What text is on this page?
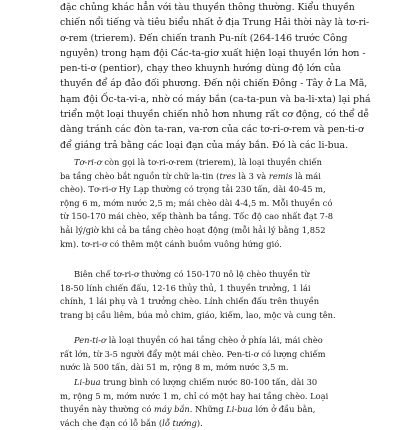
đặc chủng khác hẳn với tàu thuyền thông thường. Kiểu thuyền
chiến nổi tiếng và tiêu biểu nhất ở địa Trung Hải thời này là tơ-ri-
ơ-rem (trierem). Đến chiến tranh Pu-nít (264-146 trước Công
nguyên) trong hạm đội Các-ta-giơ xuất hiện loại thuyền lớn hơn -
pen-ti-ơ (pentior), chạy theo khuynh hướng dùng độ lớn của
thuyền để áp đảo đối phương. Đến nội chiến Đông - Tây ở La Mã,
hạm đội Ốc-ta-vi-a, nhờ có máy bắn (ca-ta-pun và ba-li-xta) lại phá
triển một loại thuyền chiến nhỏ hơn nhưng rất cơ động, có thể dễ
dàng tránh các đòn ta-ran, va-rơn của các tơ-ri-ơ-rem và pen-ti-ơ
để giáng trả bằng các loại đạn của máy bắn. Đó là các li-bua.

Tơ-ri-ơ còn gọi là tơ-ri-ơ-rem (trierem), là loại thuyền chiến
ba tầng chèo bắt nguồn từ chữ la-tin (tres là 3 và remis là mái
chèo). Tơ-ri-ơ Hy Lạp thường có trọng tải 230 tấn, dài 40-45 m,
rộng 6 m, mớm nước 2,5 m; mái chèo dài 4-4,5 m. Mỗi thuyền có
từ 150-170 mái chèo, xếp thành ba tầng. Tốc độ cao nhất đạt 7-8
hải lý/giờ khi cả ba tầng chèo hoạt động (mỗi hải lý bằng 1,852
km). tơ-ri-ơ có thêm một cánh buồm vuông hứng gió.
Biên chế tơ-ri-ơ thường có 150-170 nô lệ chèo thuyền từ
18-50 lính chiến đấu, 12-16 thủy thủ, 1 thuyền trưởng, 1 lái
chính, 1 lái phụ và 1 trưởng chèo. Lính chiến đấu trên thuyền
trang bị cầu liêm, búa mỏ chim, giáo, kiếm, lao, mộc và cung tên.
Pen-ti-ơ là loại thuyền có hai tầng chèo ở phía lái, mái chèo
rất lớn, từ 3-5 người đẩy một mái chèo. Pen-ti-ơ có lượng chiếm
nước là 500 tấn, dài 51 m, rộng 8 m, mớm nước 3,5 m.
Li-bua trung bình có lượng chiếm nước 80-100 tấn, dài 30
m, rộng 5 m, mớm nước 1 m, chỉ có một hay hai tầng chèo. Loại
thuyền này thường có máy bắn. Những Li-bua lớn ở đầu bằn,
vách che đạn có lỗ bắn (lỗ tướng).
